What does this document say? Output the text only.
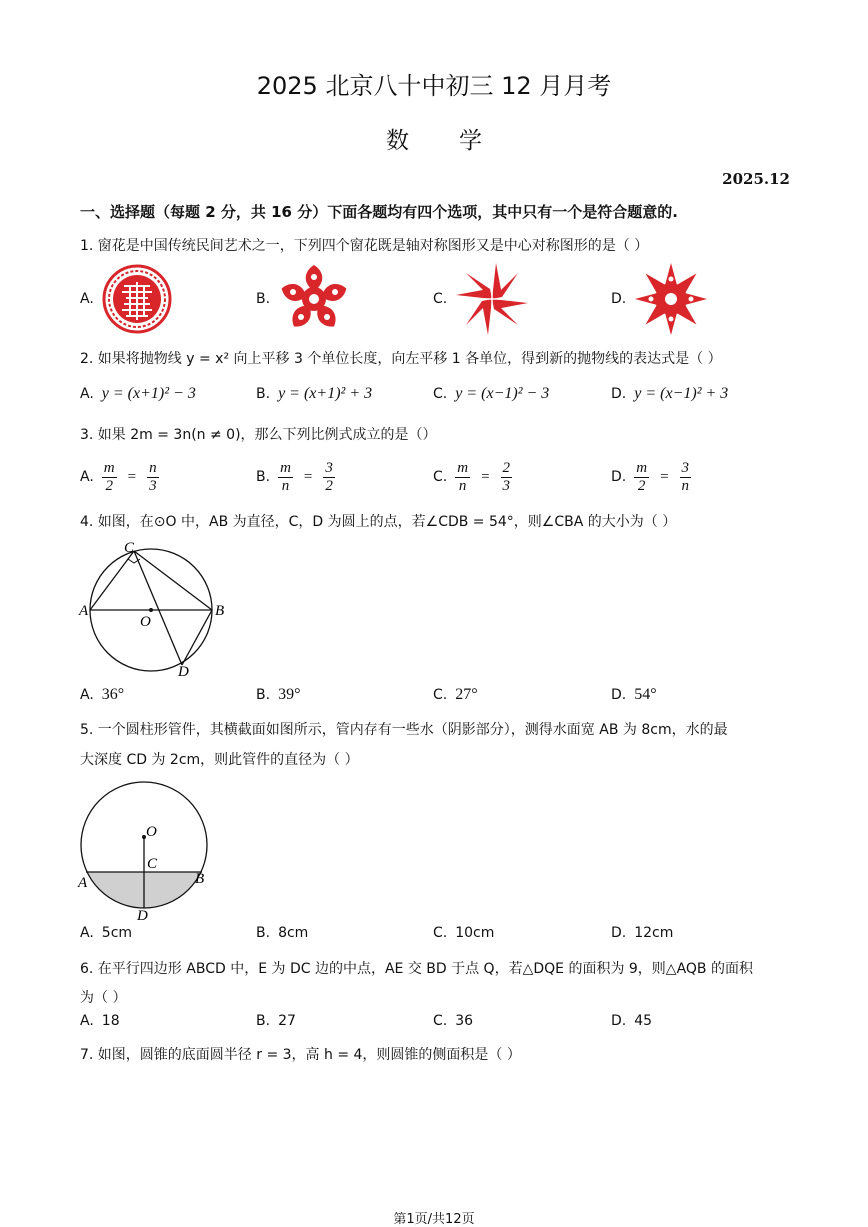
2025 北京八十中初三 12 月月考
数学
2025.12
一、选择题（每题 2 分，共 16 分）下面各题均有四个选项，其中只有一个是符合题意的.
1. 窗花是中国传统民间艺术之一，下列四个窗花既是轴对称图形又是中心对称图形的是（ ）
A.	B.	C.	D.
2. 如果将抛物线 y = x² 向上平移 3 个单位长度，向左平移 1 各单位，得到新的抛物线的表达式是（ ）
A. y = (x+1)² − 3	B. y = (x+1)² + 3	C. y = (x−1)² − 3	D. y = (x−1)² + 3
3. 如果 2m = 3n(n ≠ 0)，那么下列比例式成立的是（）
A. $\frac{m}{2} = \frac{n}{3}$	B. $\frac{m}{n} = \frac{3}{2}$	C. $\frac{m}{n} = \frac{2}{3}$	D. $\frac{m}{2} = \frac{3}{n}$
4. 如图，在⊙O 中，AB 为直径，C，D 为圆上的点，若∠CDB = 54°，则∠CBA 的大小为（ ）
A	B
C
D
O
A. 36°	B. 39°	C. 27°	D. 54°
5. 一个圆柱形管件，其横截面如图所示，管内存有一些水（阴影部分），测得水面宽 AB 为 8cm，水的最
大深度 CD 为 2cm，则此管件的直径为（ ）
O
C
A	B
D
A. 5cm	B. 8cm	C. 10cm	D. 12cm
6. 在平行四边形 ABCD 中，E 为 DC 边的中点，AE 交 BD 于点 Q，若△DQE 的面积为 9，则△AQB 的面积
为（ ）
A. 18	B. 27	C. 36	D. 45
7. 如图，圆锥的底面圆半径 r = 3，高 h = 4，则圆锥的侧面积是（ ）
第1页/共12页
